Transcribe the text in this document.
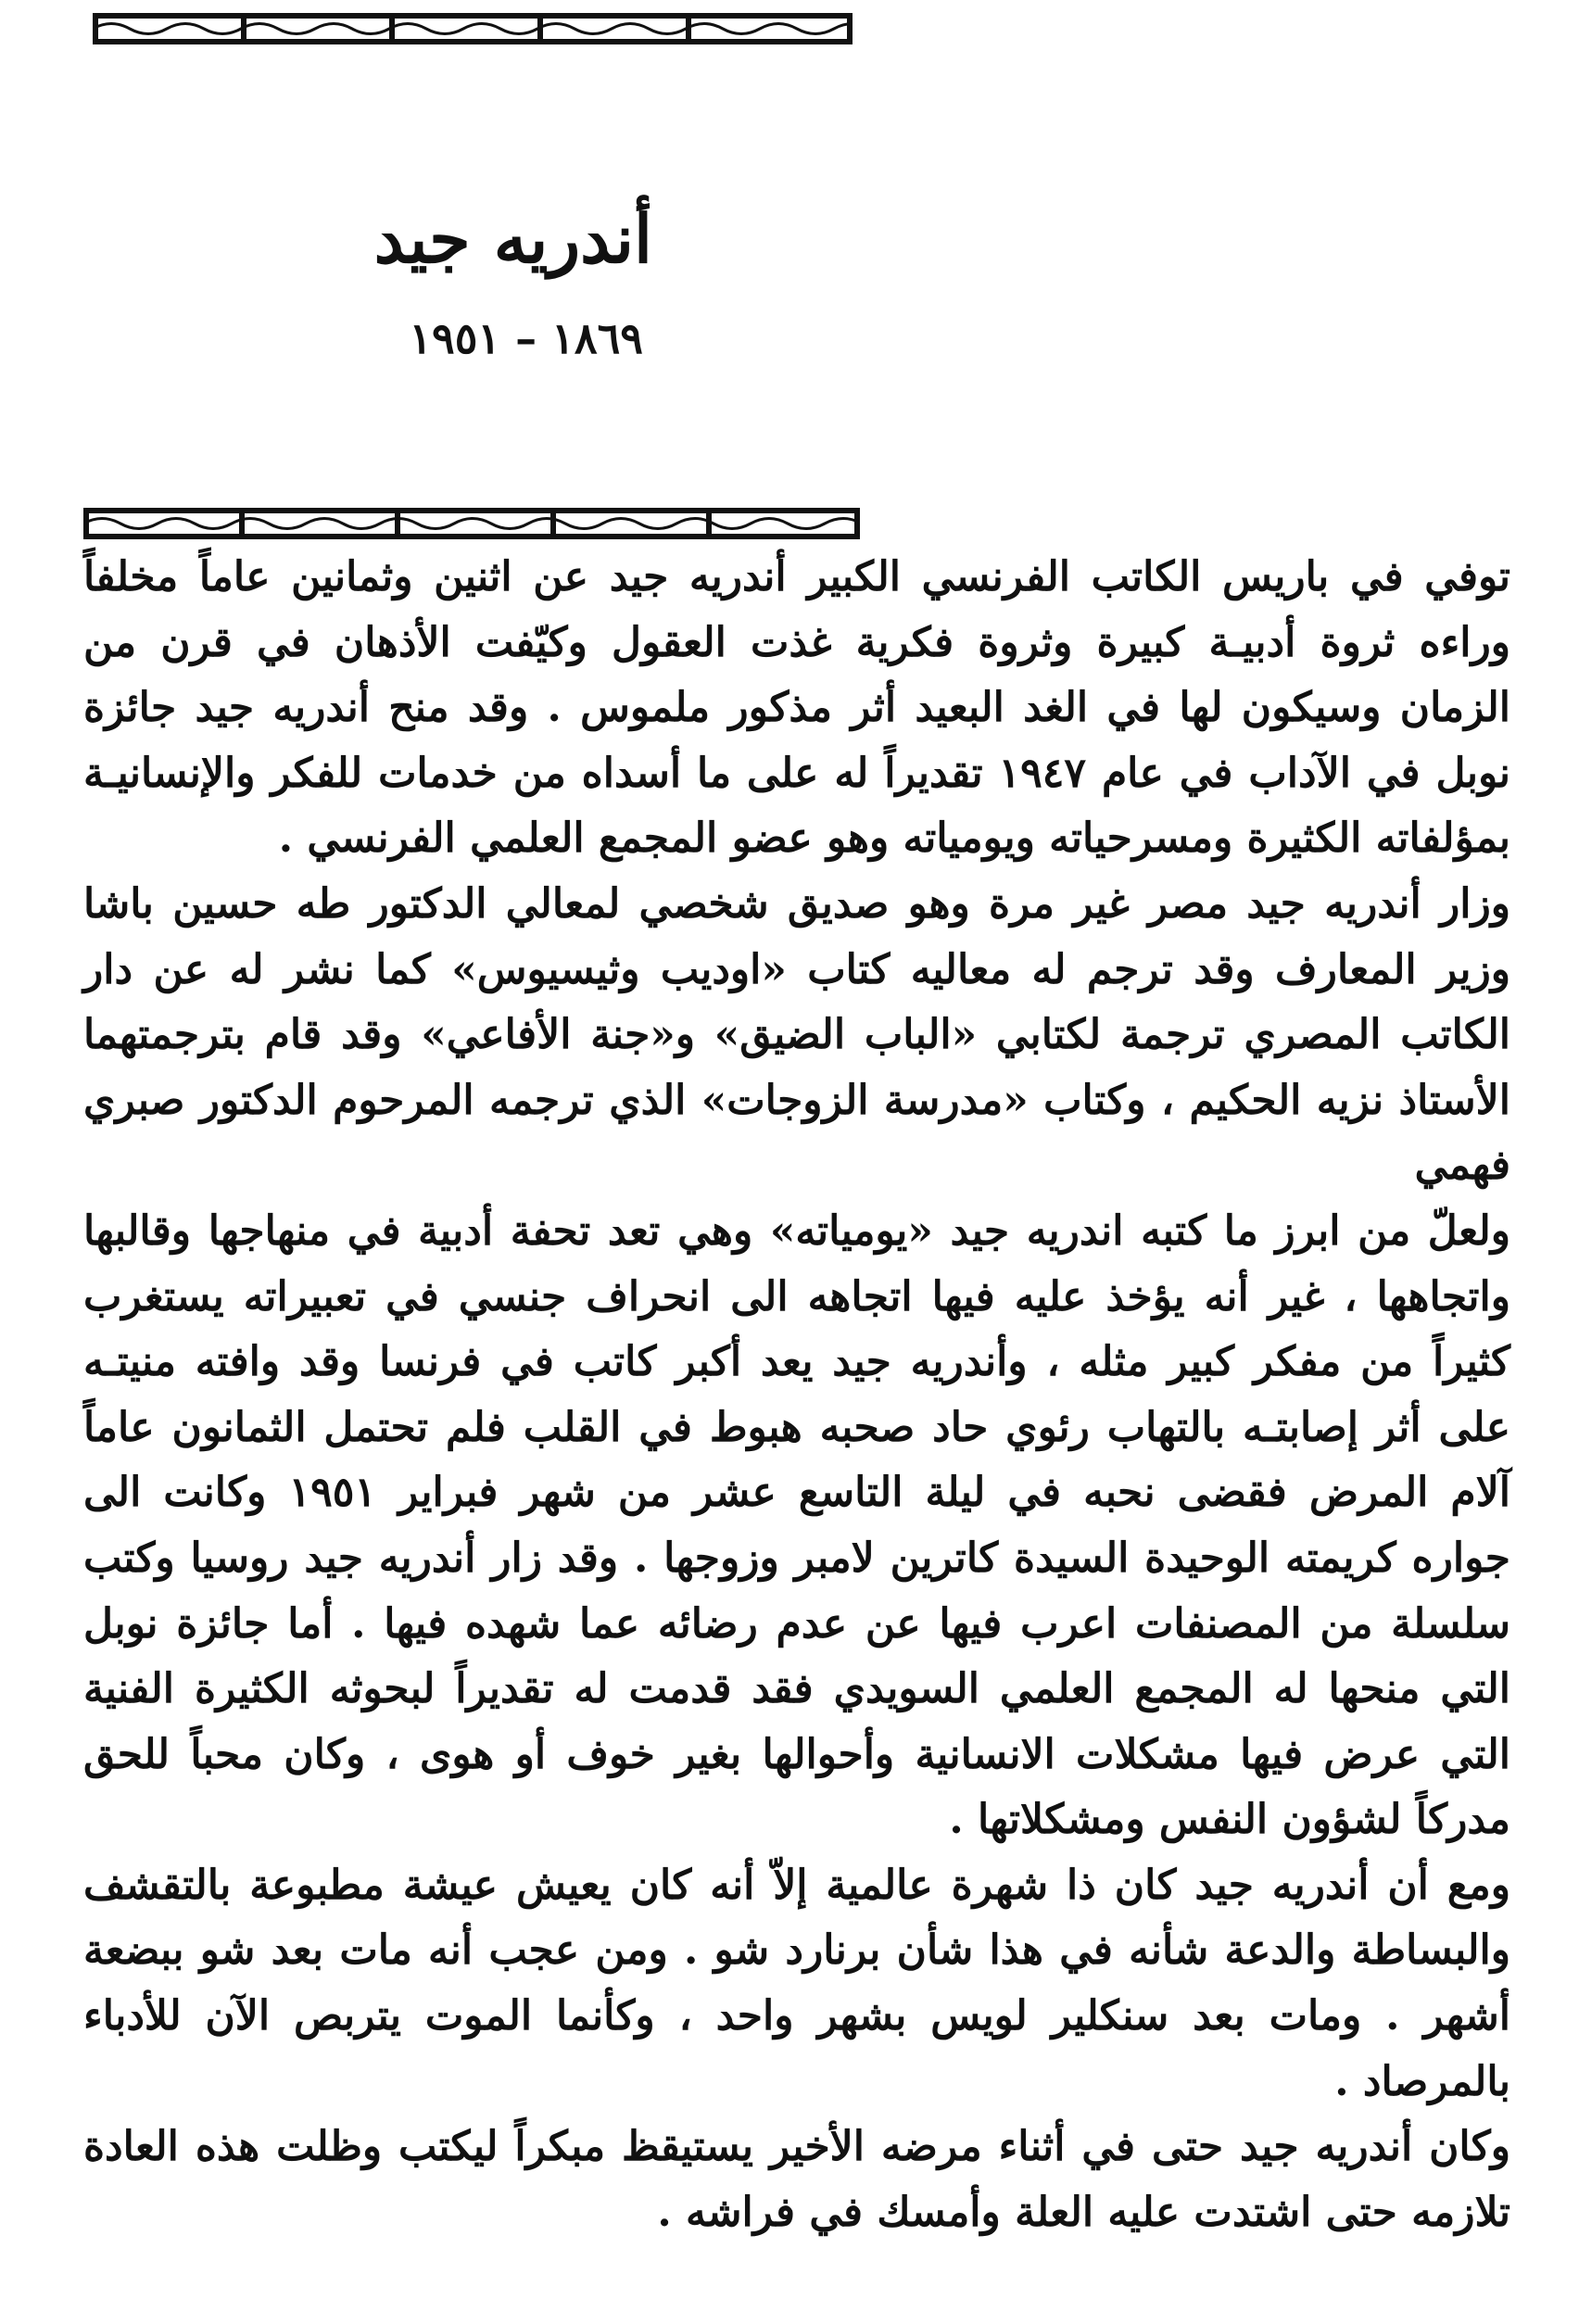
أندريه جيد
١٨٦٩ – ١٩٥١

توفي في باريس الكاتب الفرنسي الكبير أندريه جيد عن اثنين وثمانين عاماً مخلفاً وراءه ثروة أدبيـة كبيرة وثروة فكرية غذت العقول وكيّفت الأذهان في قرن من الزمان وسيكون لها في الغد البعيد أثر مذكور ملموس . وقد منح أندريه جيد جائزة نوبل في الآداب في عام ١٩٤٧ تقديراً له على ما أسداه من خدمات للفكر والإنسانيـة بمؤلفاته الكثيرة ومسرحياته ويومياته وهو عضو المجمع العلمي الفرنسي .

وزار أندريه جيد مصر غير مرة وهو صديق شخصي لمعالي الدكتور طه حسين باشا وزير المعارف وقد ترجم له معاليه كتاب «اوديب وثيسيوس» كما نشر له عن دار الكاتب المصري ترجمة لكتابي «الباب الضيق» و«جنة الأفاعي» وقد قام بترجمتهما الأستاذ نزيه الحكيم ، وكتاب «مدرسة الزوجات» الذي ترجمه المرحوم الدكتور صبري فهمي

ولعلّ من ابرز ما كتبه اندريه جيد «يومياته» وهي تعد تحفة أدبية في منهاجها وقالبها واتجاهها ، غير أنه يؤخذ عليه فيها اتجاهه الى انحراف جنسي في تعبيراته يستغرب كثيراً من مفكر كبير مثله ، وأندريه جيد يعد أكبر كاتب في فرنسا وقد وافته منيتـه على أثر إصابتـه بالتهاب رئوي حاد صحبه هبوط في القلب فلم تحتمل الثمانون عاماً آلام المرض فقضى نحبه في ليلة التاسع عشر من شهر فبراير ١٩٥١ وكانت الى جواره كريمته الوحيدة السيدة كاترين لامبر وزوجها . وقد زار أندريه جيد روسيا وكتب سلسلة من المصنفات اعرب فيها عن عدم رضائه عما شهده فيها . أما جائزة نوبل التي منحها له المجمع العلمي السويدي فقد قدمت له تقديراً لبحوثه الكثيرة الفنية التي عرض فيها مشكلات الانسانية وأحوالها بغير خوف أو هوى ، وكان محباً للحق مدركاً لشؤون النفس ومشكلاتها .

ومع أن أندريه جيد كان ذا شهرة عالمية إلاّ أنه كان يعيش عيشة مطبوعة بالتقشف والبساطة والدعة شأنه في هذا شأن برنارد شو . ومن عجب أنه مات بعد شو ببضعة أشهر . ومات بعد سنكلير لويس بشهر واحد ، وكأنما الموت يتربص الآن للأدباء بالمرصاد .

وكان أندريه جيد حتى في أثناء مرضه الأخير يستيقظ مبكراً ليكتب وظلت هذه العادة تلازمه حتى اشتدت عليه العلة وأمسك في فراشه .
